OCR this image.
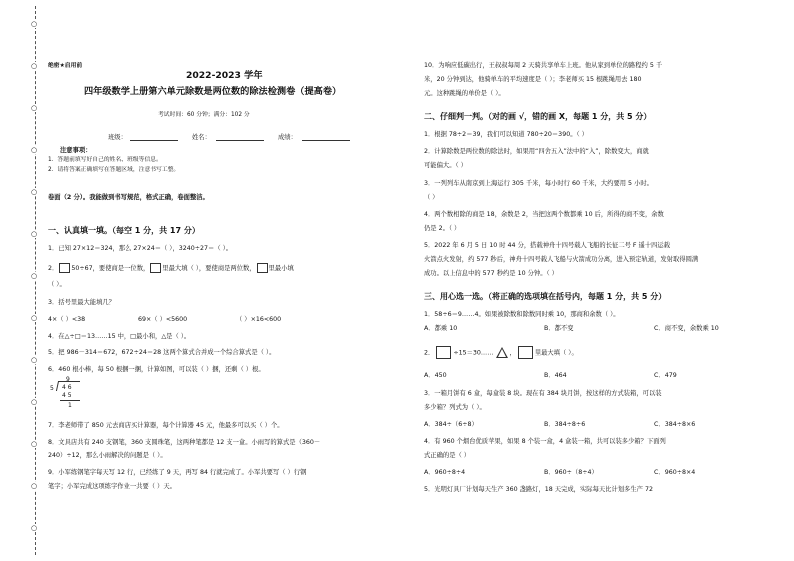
○
○
○
○
○
○
○
○
○
○
○
○
○
绝密★启用前
2022-2023 学年
四年级数学上册第六单元除数是两位数的除法检测卷（提高卷）
考试时间：60 分钟；满分：102 分
班级：	姓名：	成绩：
注意事项：
1．答题前填写好自己的姓名、班级等信息。
2．请将答案正确填写在答题区域，注意书写工整。
卷面（2 分）。我能做到书写规范，格式正确，卷面整洁。
一、认真填一填。（每空 1 分，共 17 分）
1．已知 27×12＝324，那么 27×24＝（ ），3240÷27＝（ ）。
2． 50÷67，要使商是一位数， 里最大填（ ），要使商是两位数， 里最小填
（ ）。
3．括号里最大能填几？
4×（ ）<38	69×（ ）<5600	（ ）×16<600
4．在△÷□＝13……15 中，□最小和，△是（ ）。
5．把 986－314＝672，672÷24＝28 这两个算式合并成一个综合算式是（ ）。
6．460 根小棒，每 50 根捆一捆，计算如图，可以装（ ）捆，还剩（ ）根。
9
5 4 6
4 5
1
7．李老师带了 850 元去商店买计算器，每个计算器 45 元，他最多可以买（ ）个。
8．文具店共有 240 支钢笔，360 支圆珠笔，这两种笔都是 12 支一盒。小雨写的算式是（360－
240）÷12，那么小雨解决的问题是（ ）。
9．小军练钢笔字每天写 12 行，已经练了 9 天，再写 84 行就完成了。小军共要写（ ）行钢
笔字；小军完成这项练字作业一共要（ ）天。
10．为响应低碳出行，王叔叔每周 2 天骑共享单车上班。他从家到单位的路程约 5 千
米，20 分钟到达，他骑单车的平均速度是（ ）；李老师买 15 根跳绳用去 180
元。这种跳绳的单价是（ ）。
二、仔细判一判。（对的画 √，错的画 X，每题 1 分，共 5 分）
1．根据 78÷2＝39，我们可以知道 780÷20＝390。（ ）
2．计算除数是两位数的除法时，如果用“四舍五入”法中的“入”，除数变大，商就
可能偏大。（ ）
3．一列列车从南京到上海运行 305 千米，每小时行 60 千米，大约要用 5 小时。
（ ）
4．两个数相除的商是 18，余数是 2，当把这两个数都乘 10 后，所得的商不变，余数
仍是 2。（ ）
5．2022 年 6 月 5 日 10 时 44 分，搭载神舟十四号载人飞船的长征二号 F 遥十四运载
火箭点火发射，约 577 秒后，神舟十四号载人飞船与火箭成功分离，进入预定轨道，发射取得圆满
成功。以上信息中的 577 秒约是 10 分钟。（ ）
三、用心选一选。（将正确的选项填在括号内，每题 1 分，共 5 分）
1．58÷6＝9……4。如果被除数和除数同时乘 10，那商和余数（ ）。
A．都乘 10	B．都不变	C．商不变，余数乘 10
2．	÷15＝30……	，	里最大填（ ）。
A．450	B．464	C．479
3．一箱月饼有 6 盒，每盒装 8 块。现在有 384 块月饼，按这样的方式装箱，可以装
多少箱？列式为（ ）。
A．384÷（6÷8）	B．384÷8÷6	C．384÷8×6
4．有 960 个烟台优质苹果，如果 8 个装一盒，4 盒装一箱，共可以装多少箱？下面列
式正确的是（ ）
A．960÷8÷4	B．960÷（8÷4）	C．960÷8×4
5．光明灯具厂计划每天生产 360 盏路灯，18 天完成，实际每天比计划多生产 72
